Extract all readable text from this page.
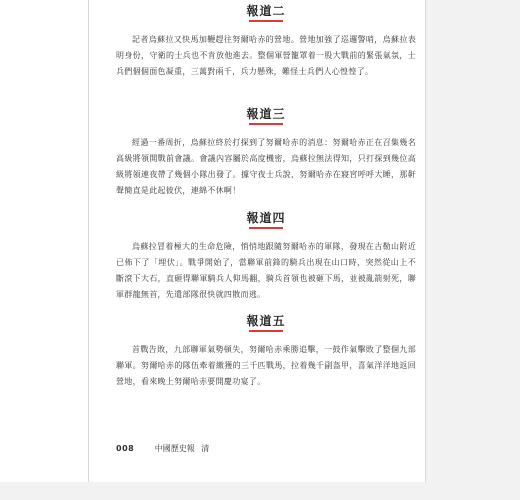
報道二

記者烏蘇拉又快馬加鞭趕往努爾哈赤的營地。營地加強了巡邏警哨，烏蘇拉表明身份，守衛的士兵也不肯放他進去。整個軍營籠罩着一股大戰前的緊張氣氛，士兵們個個面色凝重，三萬對兩千，兵力懸殊，難怪士兵們人心惶惶了。

報道三

經過一番周折，烏蘇拉終於打探到了努爾哈赤的消息：努爾哈赤正在召集幾名高級將領開戰前會議。會議內容屬於高度機密，烏蘇拉無法得知，只打探到幾位高級將領連夜帶了幾個小隊出發了。據守夜士兵說，努爾哈赤在寢宮呼呼大睡，那鼾聲簡直是此起彼伏，連綿不休啊！

報道四

烏蘇拉冒着極大的生命危險，悄悄地跟隨努爾哈赤的軍隊，發現在古勒山附近已佈下了「埋伏」。戰爭開始了，當聯軍前鋒的騎兵出現在山口時，突然從山上不斷滾下大石，直砸得聯軍騎兵人仰馬翻，騎兵首領也被砸下馬，並被亂箭射死，聯軍群龍無首，先遣部隊很快就四散而逃。

報道五

首戰告敗，九部聯軍氣勢頓失，努爾哈赤乘勝追擊，一鼓作氣擊敗了整個九部聯軍。努爾哈赤的隊伍牽着繳獲的三千匹戰馬，拉着幾千副盔甲，喜氣洋洋地返回營地，看來晚上努爾哈赤要開慶功宴了。

008	中國歷史報 清
